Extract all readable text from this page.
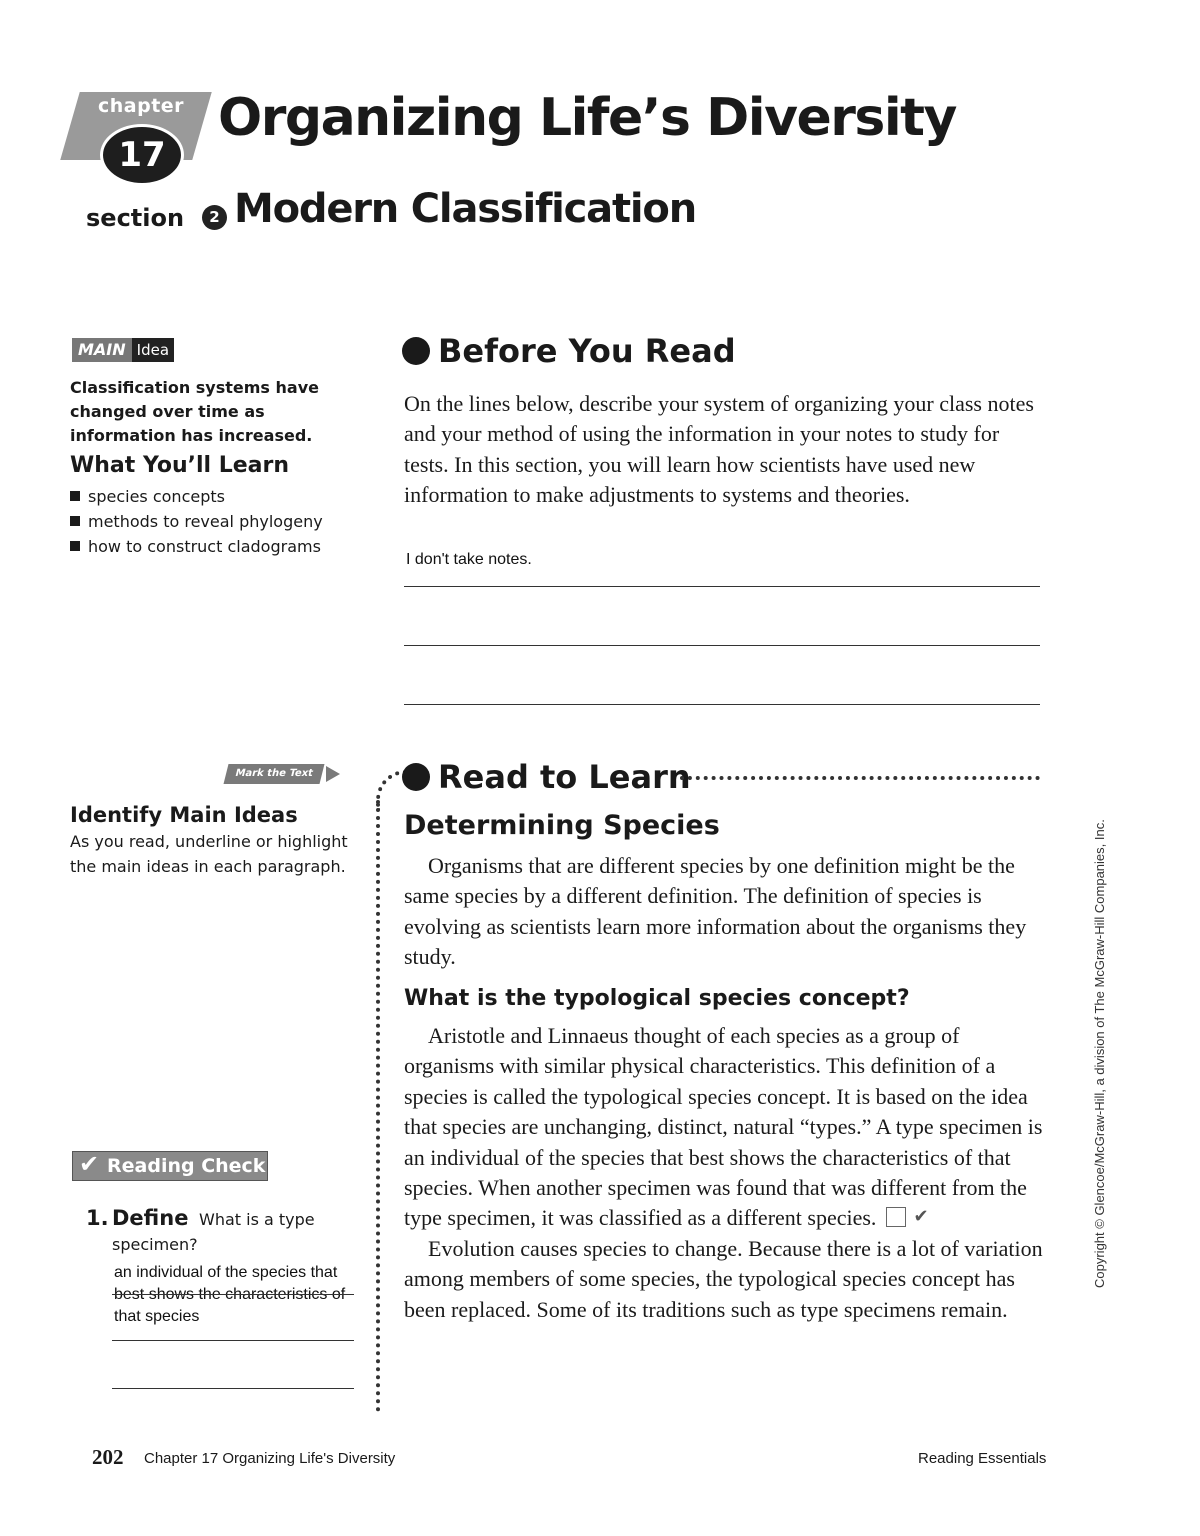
chapter
17
Organizing Life’s Diversity
section	2 Modern Classification
MAIN Idea
Classification systems have changed over time as information has increased.
What You’ll Learn
species concepts
methods to reveal phylogeny
how to construct cladograms
Before You Read
On the lines below, describe your system of organizing your class notes and your method of using the information in your notes to study for tests. In this section, you will learn how scientists have used new information to make adjustments to systems and theories.
I don't take notes.
Mark the Text
Identify Main Ideas
As you read, underline or highlight the main ideas in each paragraph.
Read to Learn
Determining Species

Organisms that are different species by one definition might be the same species by a different definition. The definition of species is evolving as scientists learn more information about the organisms they study.

What is the typological species concept?

Aristotle and Linnaeus thought of each species as a group of organisms with similar physical characteristics. This definition of a species is called the typological species concept. It is based on the idea that species are unchanging, distinct, natural “types.” A type specimen is an individual of the species that best shows the characteristics of that species. When another specimen was found that was different from the type specimen, it was classified as a different species.✔

Evolution causes species to change. Because there is a lot of variation among members of some species, the typological species concept has been replaced. Some of its traditions such as type specimens remain.

✔Reading Check
1. Define What is a type
specimen?
an individual of the species that best shows the characteristics of that species
Copyright © Glencoe/McGraw-Hill, a division of The McGraw-Hill Companies, Inc.
202 Chapter 17 Organizing Life's Diversity	Reading Essentials
